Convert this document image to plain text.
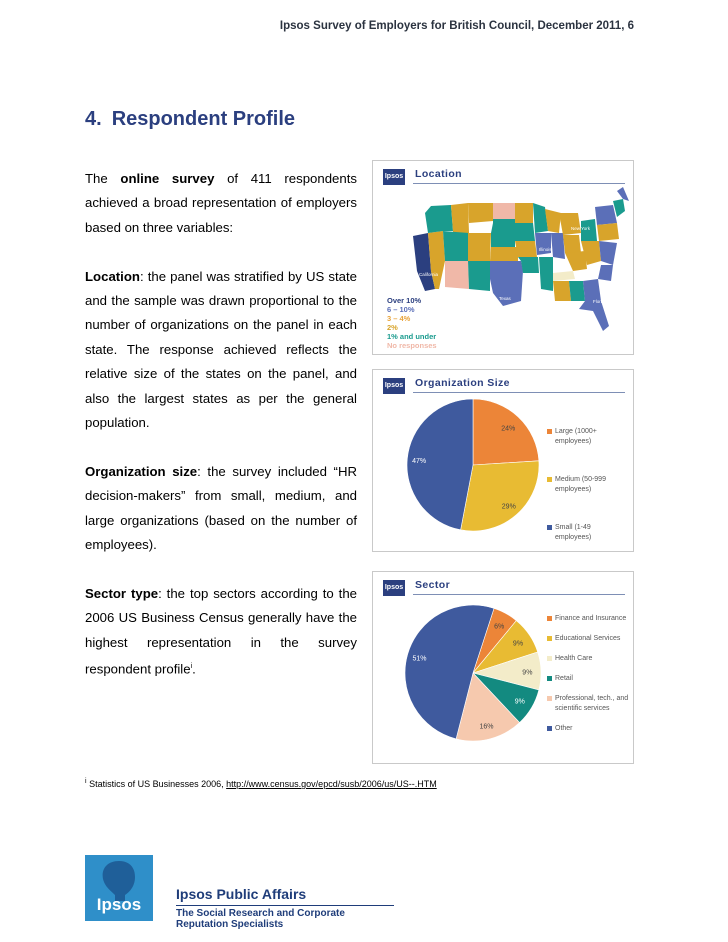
Ipsos Survey of Employers for British Council, December 2011, 6
4. Respondent Profile

The online survey of 411 respondents achieved a broad representation of employers based on three variables:

Location: the panel was stratified by US state and the sample was drawn proportional to the number of organizations on the panel in each state. The response achieved reflects the relative size of the states on the panel, and also the largest states as per the general population.

Organization size: the survey included “HR decision-makers” from small, medium, and large organizations (based on the number of employees).

Sector type: the top sectors according to the 2006 US Business Census generally have the highest representation in the survey respondent profile$^i$.

Ipsos Location
New York
Illinois
California
Texas
Florida
Over 10%
6 – 10%
3 – 4%
2%
1% and under
No responses
Ipsos Organization Size
24%
29%
47%
Large (1000+ employees)
Medium (50-999 employees)
Small (1-49 employees)
Ipsos Sector
6%
9%
9%
9%
16%
51%
Finance and Insurance
Educational Services
Health Care
Retail
Professional, tech., and scientific services
Other
$^i$ Statistics of US Businesses 2006, http://www.census.gov/epcd/susb/2006/us/US--.HTM
Ipsos
Ipsos Public Affairs
The Social Research and Corporate Reputation Specialists
